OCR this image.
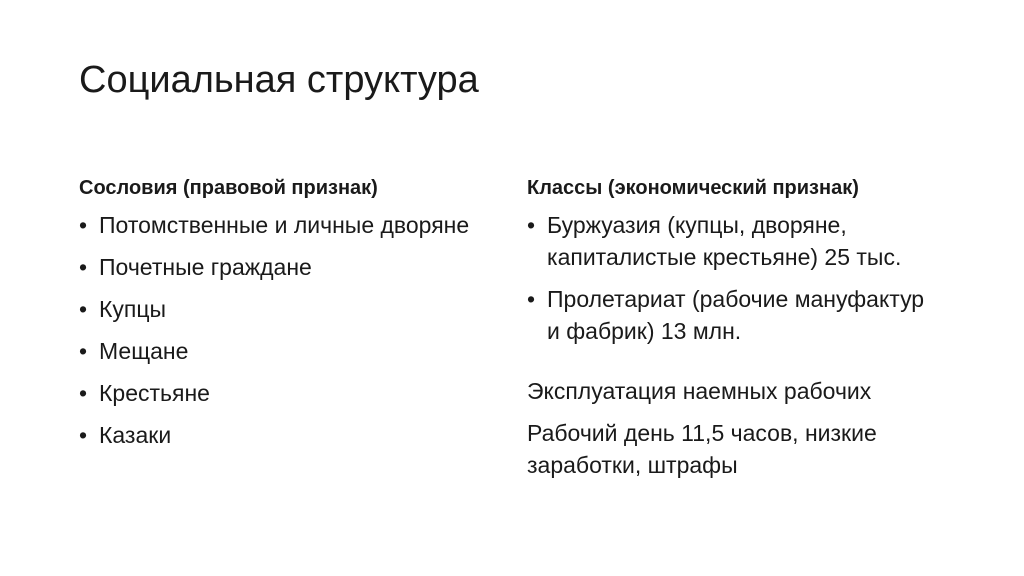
Социальная структура
Сословия (правовой признак)
• Потомственные и личные дворяне
• Почетные граждане
• Купцы
• Мещане
• Крестьяне
• Казаки
Классы (экономический признак)
• Буржуазия (купцы, дворяне, капиталистые крестьяне) 25 тыс.
• Пролетариат (рабочие мануфактур и фабрик) 13 млн.

Эксплуатация наемных рабочих

Рабочий день 11,5 часов, низкие заработки, штрафы
